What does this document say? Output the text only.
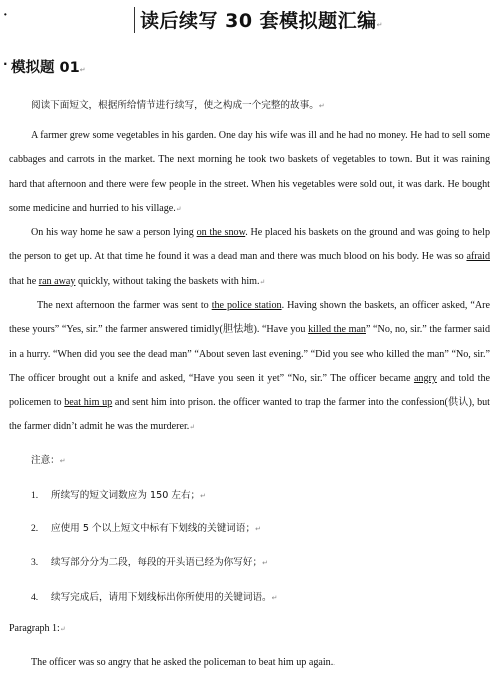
·	读后续写 30 套模拟题汇编↵
· 模拟题 01↵
阅读下面短文，根据所给情节进行续写，使之构成一个完整的故事。↵

A farmer grew some vegetables in his garden. One day his wife was ill and he had no money. He had to sell some cabbages and carrots in the market. The next morning he took two baskets of vegetables to town. But it was raining hard that afternoon and there were few people in the street. When his vegetables were sold out, it was dark. He bought some medicine and hurried to his village.↵

On his way home he saw a person lying on the snow. He placed his baskets on the ground and was going to help the person to get up. At that time he found it was a dead man and there was much blood on his body. He was so afraid that he ran away quickly, without taking the baskets with him.↵

The next afternoon the farmer was sent to the police station. Having shown the baskets, an officer asked, “Are these yours” “Yes, sir.” the farmer answered timidly(胆怯地). “Have you killed the man” “No, no, sir.” the farmer said in a hurry. “When did you see the dead man” “About seven last evening.” “Did you see who killed the man” “No, sir.” The officer brought out a knife and asked, “Have you seen it yet” “No, sir.” The officer became angry and told the policemen to beat him up and sent him into prison. the officer wanted to trap the farmer into the confession(供认), but the farmer didn’t admit he was the murderer.↵

注意：↵
1. 所续写的短文词数应为 150 左右；↵
2. 应使用 5 个以上短文中标有下划线的关键词语；↵
3. 续写部分分为二段，每段的开头语已经为你写好；↵
4. 续写完成后，请用下划线标出你所使用的关键词语。↵
Paragraph 1:↵
The officer was so angry that he asked the policeman to beat him up again..
